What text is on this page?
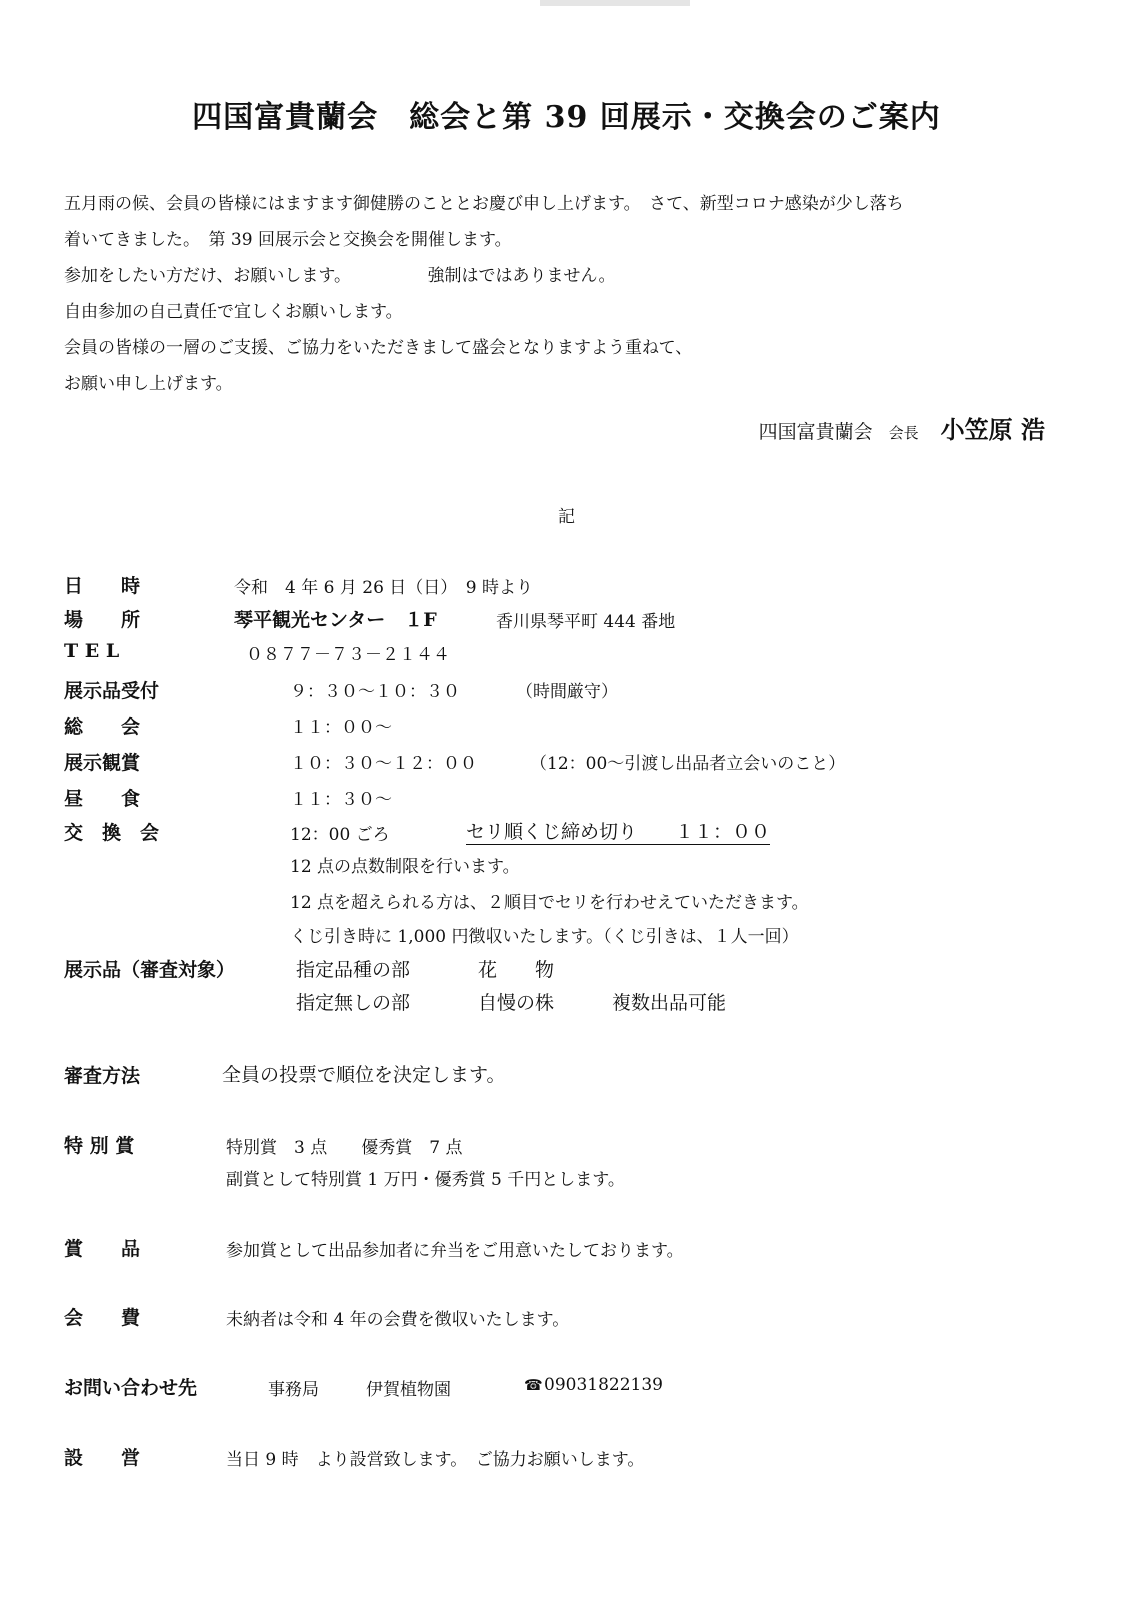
四国富貴蘭会　総会と第 39 回展示・交換会のご案内

五月雨の候、会員の皆様にはますます御健勝のこととお慶び申し上げます。　さて、新型コロナ感染が少し落ち

着いてきました。　第 39 回展示会と交換会を開催します。

参加をしたい方だけ、お願いします。　　　　　強制はではありません。

自由参加の自己責任で宜しくお願いします。

会員の皆様の一層のご支援、ご協力をいただきまして盛会となりますよう重ねて、

お願い申し上げます。

四国富貴蘭会 会長 小笠原 浩
記
日　　時	令和　4 年 6 月 26 日（日）　9 時より
場　　所	琴平観光センター　１F	香川県琴平町 444 番地
T E L	０８７７－７３－２１４４
展示品受付	９：３０～１０：３０	（時間厳守）
総　　会	１１：００～
展示観賞	１０：３０～１２：００	（12：00～引渡し出品者立会いのこと）
昼　　食	１１：３０～
交　換　会	12：00 ごろ	セリ順くじ締め切り　　１１：００
12 点の点数制限を行います。
12 点を超えられる方は、２順目でセリを行わせえていただきます。
くじ引き時に 1,000 円徴収いたします。（くじ引きは、１人一回）
展示品（審査対象）	指定品種の部	花　　物
指定無しの部	自慢の株	複数出品可能
審査方法	全員の投票で順位を決定します。
特 別 賞	特別賞　3 点　　優秀賞　7 点
副賞として特別賞 1 万円・優秀賞 5 千円とします。
賞　　品	参加賞として出品参加者に弁当をご用意いたしております。
会　　費	未納者は令和 4 年の会費を徴収いたします。
お問い合わせ先	事務局	伊賀植物園	☎09031822139
設　　営	当日 9 時　より設営致します。　ご協力お願いします。
